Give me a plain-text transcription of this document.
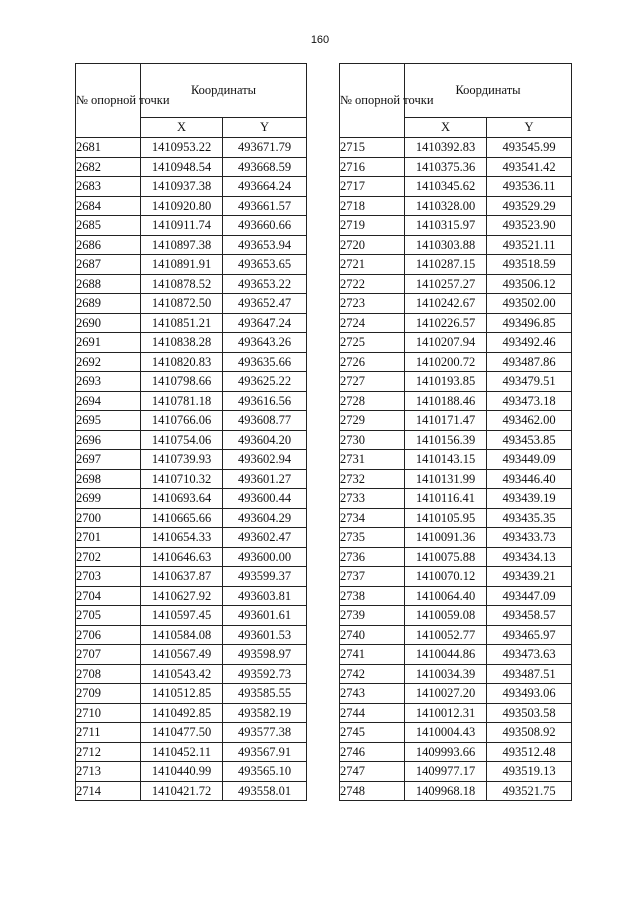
160
№ опорной точки	Координаты	
	X	Y
2681	1410953.22	493671.79
2682	1410948.54	493668.59
2683	1410937.38	493664.24
2684	1410920.80	493661.57
2685	1410911.74	493660.66
2686	1410897.38	493653.94
2687	1410891.91	493653.65
2688	1410878.52	493653.22
2689	1410872.50	493652.47
2690	1410851.21	493647.24
2691	1410838.28	493643.26
2692	1410820.83	493635.66
2693	1410798.66	493625.22
2694	1410781.18	493616.56
2695	1410766.06	493608.77
2696	1410754.06	493604.20
2697	1410739.93	493602.94
2698	1410710.32	493601.27
2699	1410693.64	493600.44
2700	1410665.66	493604.29
2701	1410654.33	493602.47
2702	1410646.63	493600.00
2703	1410637.87	493599.37
2704	1410627.92	493603.81
2705	1410597.45	493601.61
2706	1410584.08	493601.53
2707	1410567.49	493598.97
2708	1410543.42	493592.73
2709	1410512.85	493585.55
2710	1410492.85	493582.19
2711	1410477.50	493577.38
2712	1410452.11	493567.91
2713	1410440.99	493565.10
2714	1410421.72	493558.01
№ опорной точки	Координаты	
	X	Y
2715	1410392.83	493545.99
2716	1410375.36	493541.42
2717	1410345.62	493536.11
2718	1410328.00	493529.29
2719	1410315.97	493523.90
2720	1410303.88	493521.11
2721	1410287.15	493518.59
2722	1410257.27	493506.12
2723	1410242.67	493502.00
2724	1410226.57	493496.85
2725	1410207.94	493492.46
2726	1410200.72	493487.86
2727	1410193.85	493479.51
2728	1410188.46	493473.18
2729	1410171.47	493462.00
2730	1410156.39	493453.85
2731	1410143.15	493449.09
2732	1410131.99	493446.40
2733	1410116.41	493439.19
2734	1410105.95	493435.35
2735	1410091.36	493433.73
2736	1410075.88	493434.13
2737	1410070.12	493439.21
2738	1410064.40	493447.09
2739	1410059.08	493458.57
2740	1410052.77	493465.97
2741	1410044.86	493473.63
2742	1410034.39	493487.51
2743	1410027.20	493493.06
2744	1410012.31	493503.58
2745	1410004.43	493508.92
2746	1409993.66	493512.48
2747	1409977.17	493519.13
2748	1409968.18	493521.75
